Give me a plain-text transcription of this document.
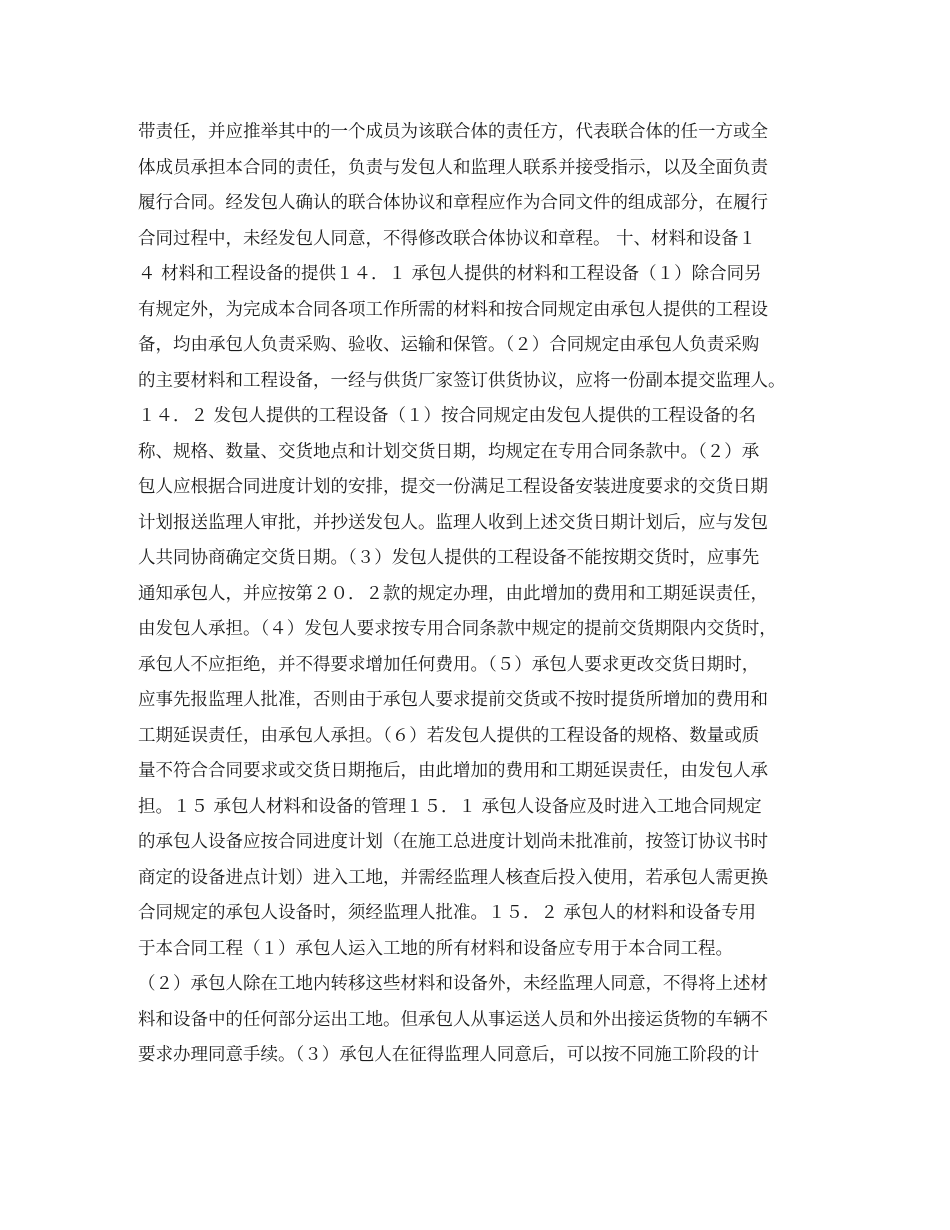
带责任，并应推举其中的一个成员为该联合体的责任方，代表联合体的任一方或全
体成员承担本合同的责任，负责与发包人和监理人联系并接受指示，以及全面负责
履行合同。经发包人确认的联合体协议和章程应作为合同文件的组成部分，在履行
合同过程中，未经发包人同意，不得修改联合体协议和章程。 十、材料和设备１
４ 材料和工程设备的提供１４．１ 承包人提供的材料和工程设备（１）除合同另
有规定外，为完成本合同各项工作所需的材料和按合同规定由承包人提供的工程设
备，均由承包人负责采购、验收、运输和保管。（２）合同规定由承包人负责采购
的主要材料和工程设备，一经与供货厂家签订供货协议，应将一份副本提交监理人。
１４．２ 发包人提供的工程设备（１）按合同规定由发包人提供的工程设备的名
称、规格、数量、交货地点和计划交货日期，均规定在专用合同条款中。（２）承
包人应根据合同进度计划的安排，提交一份满足工程设备安装进度要求的交货日期
计划报送监理人审批，并抄送发包人。监理人收到上述交货日期计划后，应与发包
人共同协商确定交货日期。（３）发包人提供的工程设备不能按期交货时，应事先
通知承包人，并应按第２０．２款的规定办理，由此增加的费用和工期延误责任，
由发包人承担。（４）发包人要求按专用合同条款中规定的提前交货期限内交货时，
承包人不应拒绝，并不得要求增加任何费用。（５）承包人要求更改交货日期时，
应事先报监理人批准，否则由于承包人要求提前交货或不按时提货所增加的费用和
工期延误责任，由承包人承担。（６）若发包人提供的工程设备的规格、数量或质
量不符合合同要求或交货日期拖后，由此增加的费用和工期延误责任，由发包人承
担。１５ 承包人材料和设备的管理１５．１ 承包人设备应及时进入工地合同规定
的承包人设备应按合同进度计划（在施工总进度计划尚未批准前，按签订协议书时
商定的设备进点计划）进入工地，并需经监理人核查后投入使用，若承包人需更换
合同规定的承包人设备时，须经监理人批准。１５．２ 承包人的材料和设备专用
于本合同工程（１）承包人运入工地的所有材料和设备应专用于本合同工程。
（２）承包人除在工地内转移这些材料和设备外，未经监理人同意，不得将上述材
料和设备中的任何部分运出工地。但承包人从事运送人员和外出接运货物的车辆不
要求办理同意手续。（３）承包人在征得监理人同意后，可以按不同施工阶段的计
